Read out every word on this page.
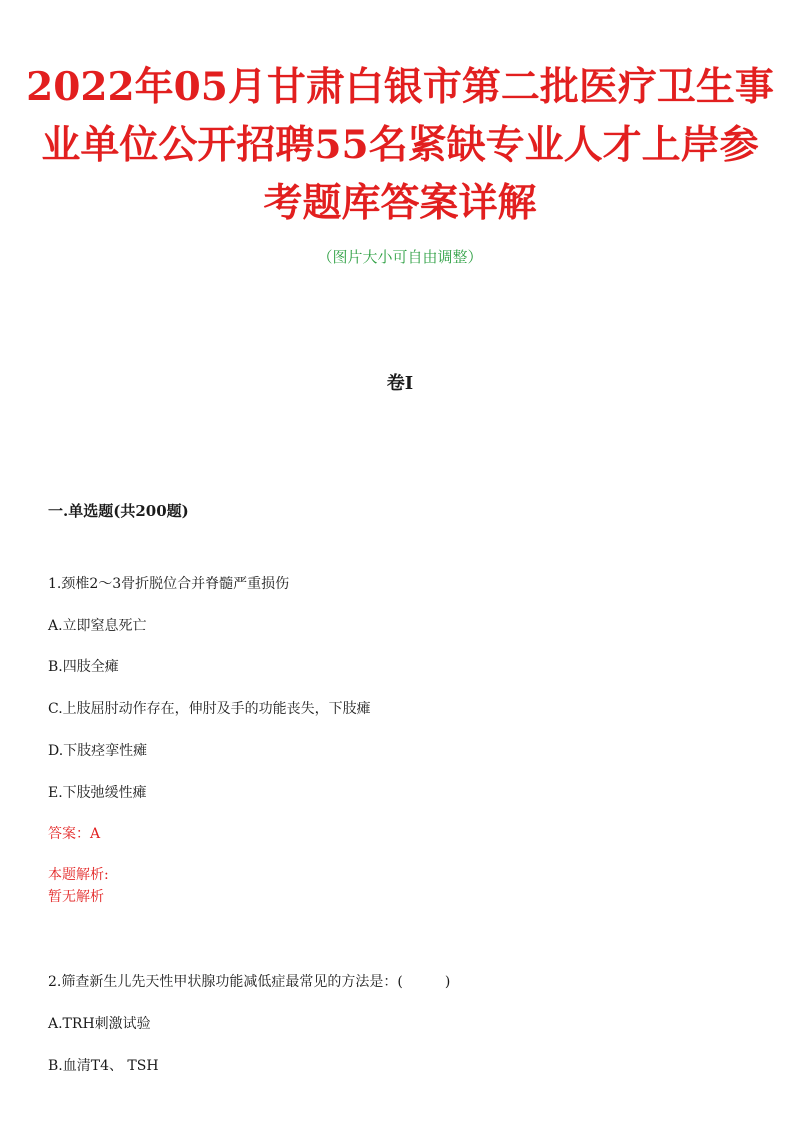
2022年05月甘肃白银市第二批医疗卫生事
业单位公开招聘55名紧缺专业人才上岸参
考题库答案详解
（图片大小可自由调整）
卷I
一.单选题(共200题)
1.颈椎2～3骨折脱位合并脊髓严重损伤
A.立即窒息死亡
B.四肢全瘫
C.上肢屈肘动作存在，伸肘及手的功能丧失，下肢瘫
D.下肢痉挛性瘫
E.下肢弛缓性瘫
答案：A
本题解析:
暂无解析
2.筛查新生儿先天性甲状腺功能减低症最常见的方法是：(　　　)
A.TRH刺激试验
B.血清T4、 TSH
